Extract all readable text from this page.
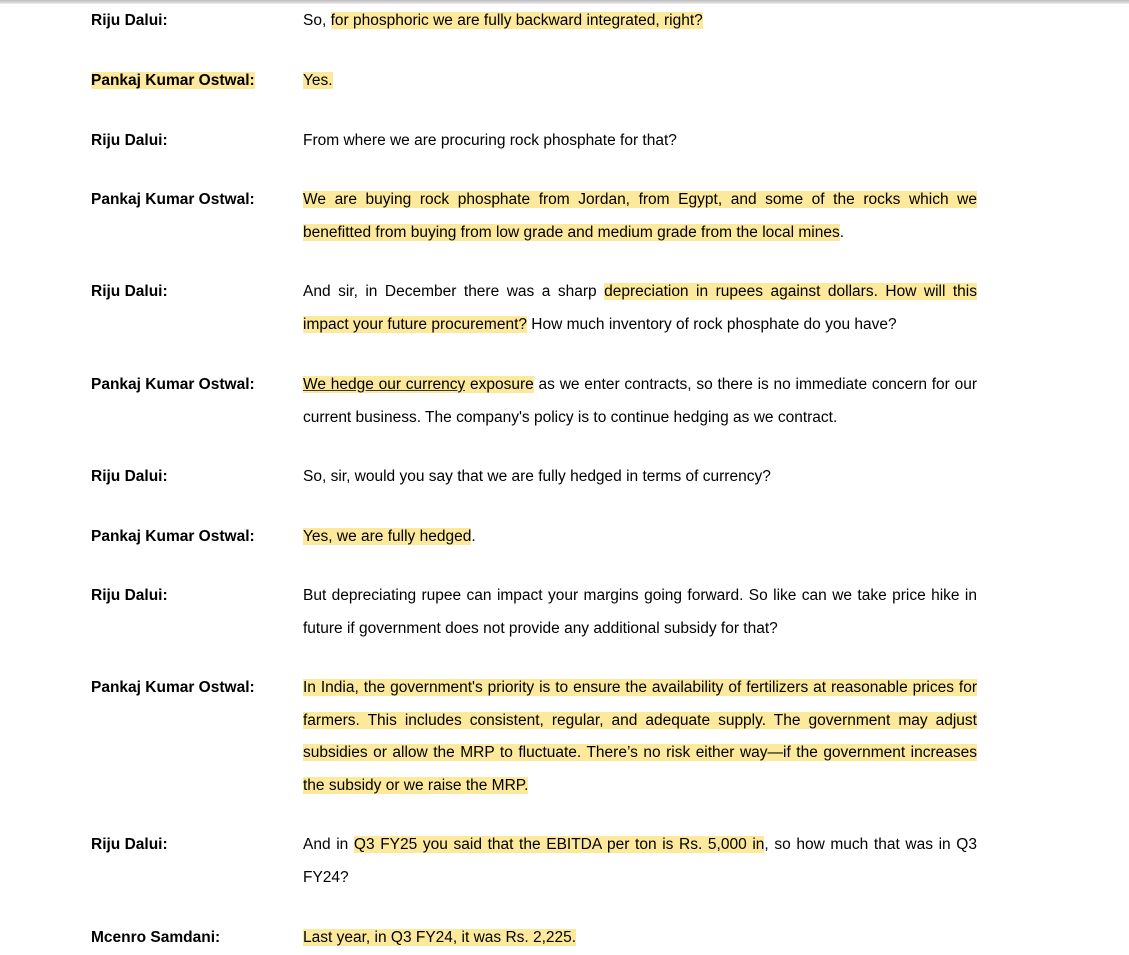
Riju Dalui:	So, for phosphoric we are fully backward integrated, right?
Pankaj Kumar Ostwal:	Yes.
Riju Dalui:	From where we are procuring rock phosphate for that?
Pankaj Kumar Ostwal:	We are buying rock phosphate from Jordan, from Egypt, and some of the rocks which we benefitted from buying from low grade and medium grade from the local mines.
Riju Dalui:	And sir, in December there was a sharp depreciation in rupees against dollars. How will this impact your future procurement? How much inventory of rock phosphate do you have?
Pankaj Kumar Ostwal:	We hedge our currency exposure as we enter contracts, so there is no immediate concern for our current business. The company's policy is to continue hedging as we contract.
Riju Dalui:	So, sir, would you say that we are fully hedged in terms of currency?
Pankaj Kumar Ostwal:	Yes, we are fully hedged.
Riju Dalui:	But depreciating rupee can impact your margins going forward. So like can we take price hike in future if government does not provide any additional subsidy for that?
Pankaj Kumar Ostwal:	In India, the government's priority is to ensure the availability of fertilizers at reasonable prices for farmers. This includes consistent, regular, and adequate supply. The government may adjust subsidies or allow the MRP to fluctuate. There’s no risk either way—if the government increases the subsidy or we raise the MRP.
Riju Dalui:	And in Q3 FY25 you said that the EBITDA per ton is Rs. 5,000 in, so how much that was in Q3 FY24?
Mcenro Samdani:	Last year, in Q3 FY24, it was Rs. 2,225.
